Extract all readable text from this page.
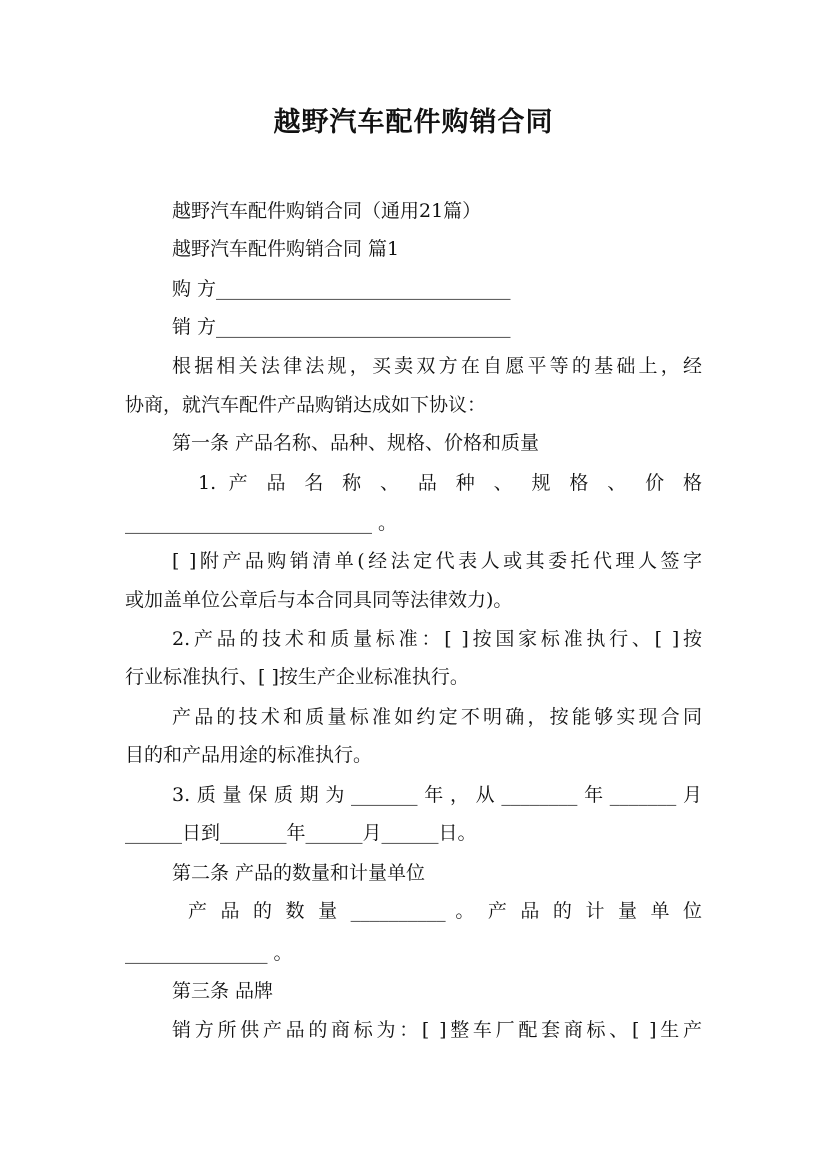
越野汽车配件购销合同
越野汽车配件购销合同（通用21篇）
越野汽车配件购销合同 篇1
购 方_______________________________
销 方_______________________________
根据相关法律法规，买卖双方在自愿平等的基础上，经
协商，就汽车配件产品购销达成如下协议：
第一条 产品名称、品种、规格、价格和质量
1. 产 品 名 称 、 品 种 、 规 格 、 价 格
__________________________ 。
[ ]附产品购销清单(经法定代表人或其委托代理人签字
或加盖单位公章后与本合同具同等法律效力)。
2.产品的技术和质量标准：[ ]按国家标准执行、[ ]按
行业标准执行、[ ]按生产企业标准执行。
产品的技术和质量标准如约定不明确，按能够实现合同
目的和产品用途的标准执行。
3.质量保质期为_______年，从________年_______月
______日到_______年______月______日。
第二条 产品的数量和计量单位
产 品 的 数 量 __________ 。 产 品 的 计 量 单 位
_______________ 。
第三条 品牌
销方所供产品的商标为：[ ]整车厂配套商标、[ ]生产
